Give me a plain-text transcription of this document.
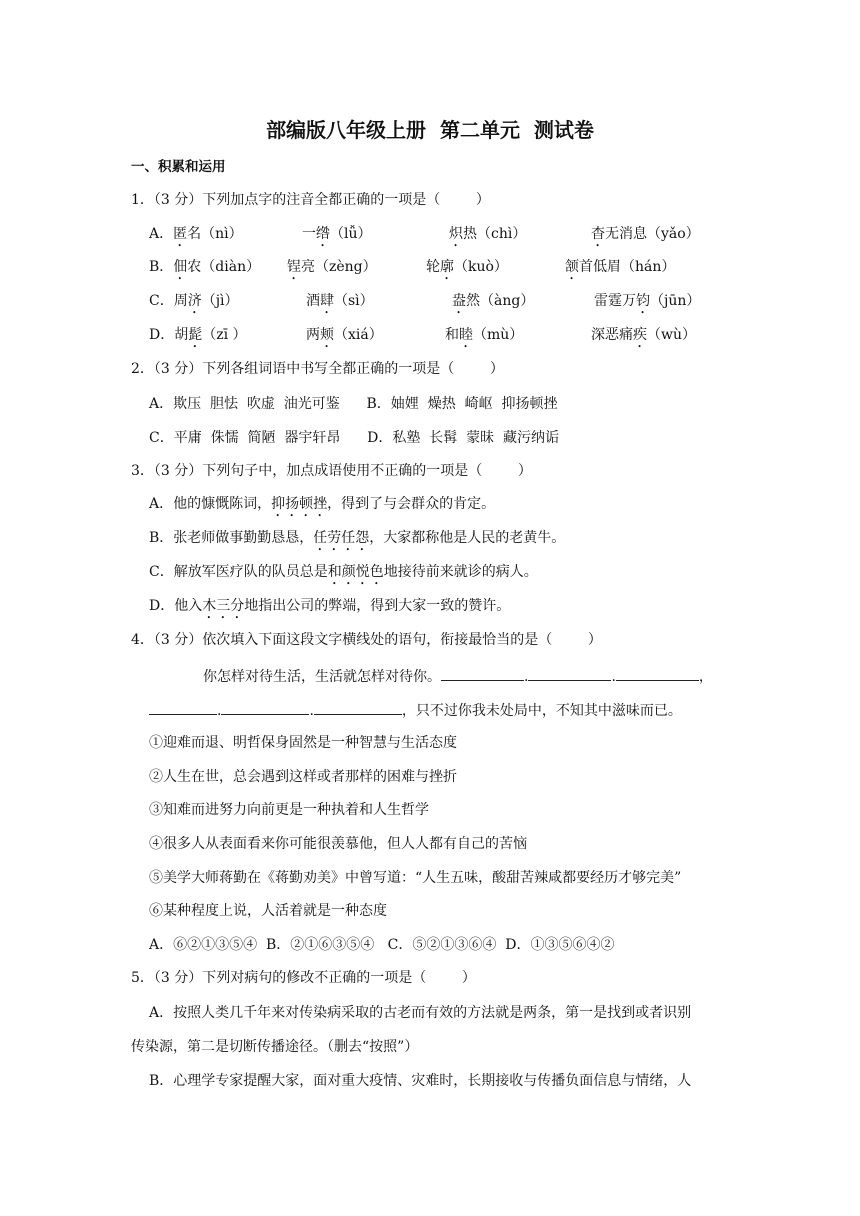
部编版八年级上册  第二单元  测试卷
一、积累和运用
1．（3 分）下列加点字的注音全都正确的一项是（        ）
A．匿名（nì）	一绺（lǚ）	炽热（chì）	杳无消息（yǎo）
B．佃农（diàn） 锃亮（zèng）	轮廓（kuò）	颔首低眉（hán）
C．周济（jì）	酒肆（sì）	盎然（àng）	雷霆万钧（jūn）
D．胡髭（zī ）	两颊（xiá）	和睦（mù）	深恶痛疾（wù）
2．（3 分）下列各组词语中书写全都正确的一项是（        ）
A．欺压  胆怯  吹虚  油光可鉴      B．妯娌  燥热  崎岖  抑扬顿挫
C．平庸  侏懦  简陋  器宇轩昂      D．私塾  长髯  蒙昧  藏污纳诟
3．（3 分）下列句子中，加点成语使用不正确的一项是（        ）
A．他的慷慨陈词，抑扬顿挫，得到了与会群众的肯定。
B．张老师做事勤勤恳恳，任劳任怨，大家都称他是人民的老黄牛。
C．解放军医疗队的队员总是和颜悦色地接待前来就诊的病人。
D．他入木三分地指出公司的弊端，得到大家一致的赞许。
4．（3 分）依次填入下面这段文字横线处的语句，衔接最恰当的是（        ）
你怎样对待生活，生活就怎样对待你。	.	.	，
.	.	，只不过你我未处局中，不知其中滋味而已。
①迎难而退、明哲保身固然是一种智慧与生活态度
②人生在世，总会遇到这样或者那样的困难与挫折
③知难而进努力向前更是一种执着和人生哲学
④很多人从表面看来你可能很羡慕他，但人人都有自己的苦恼
⑤美学大师蒋勤在《蒋勤劝美》中曾写道：“人生五味，酸甜苦辣咸都要经历才够完美”
⑥某种程度上说，人活着就是一种态度
A．⑥②①③⑤④  B．②①⑥③⑤④   C．⑤②①③⑥④  D．①③⑤⑥④②
5．（3 分）下列对病句的修改不正确的一项是（        ）
A．按照人类几千年来对传染病采取的古老而有效的方法就是两条，第一是找到或者识别
传染源，第二是切断传播途径。（删去“按照”）
B．心理学专家提醒大家，面对重大疫情、灾难时，长期接收与传播负面信息与情绪，人
